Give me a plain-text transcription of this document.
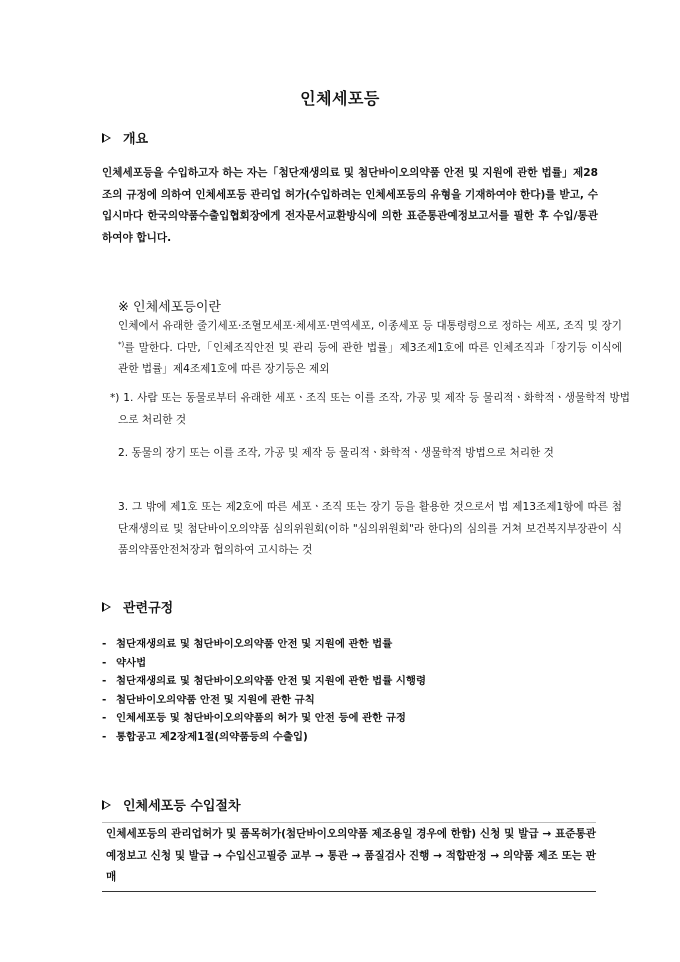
인체세포등
개요
인체세포등을 수입하고자 하는 자는「첨단재생의료 및 첨단바이오의약품 안전 및 지원에 관한 법률」제28조의 규정에 의하여 인체세포등 관리업 허가(수입하려는 인체세포등의 유형을 기재하여야 한다)를 받고, 수입시마다 한국의약품수출입협회장에게 전자문서교환방식에 의한 표준통관예정보고서를 필한 후 수입/통관하여야 합니다.
※ 인체세포등이란
인체에서 유래한 줄기세포·조혈모세포·체세포·면역세포, 이종세포 등 대통령령으로 정하는 세포, 조직 및 장기*)를 말한다. 다만,「인체조직안전 및 관리 등에 관한 법률」제3조제1호에 따른 인체조직과「장기등 이식에 관한 법률」제4조제1호에 따른 장기등은 제외
*) 1. 사람 또는 동물로부터 유래한 세포ㆍ조직 또는 이를 조작, 가공 및 제작 등 물리적ㆍ화학적ㆍ생물학적 방법으로 처리한 것
2. 동물의 장기 또는 이를 조작, 가공 및 제작 등 물리적ㆍ화학적ㆍ생물학적 방법으로 처리한 것
3. 그 밖에 제1호 또는 제2호에 따른 세포ㆍ조직 또는 장기 등을 활용한 것으로서 법 제13조제1항에 따른 첨단재생의료 및 첨단바이오의약품 심의위원회(이하 "심의위원회"라 한다)의 심의를 거쳐 보건복지부장관이 식품의약품안전처장과 협의하여 고시하는 것
관련규정
- 첨단재생의료 및 첨단바이오의약품 안전 및 지원에 관한 법률
- 약사법
- 첨단재생의료 및 첨단바이오의약품 안전 및 지원에 관한 법률 시행령
- 첨단바이오의약품 안전 및 지원에 관한 규칙
- 인체세포등 및 첨단바이오의약품의 허가 및 안전 등에 관한 규정
- 통합공고 제2장제1절(의약품등의 수출입)
인체세포등 수입절차
인체세포등의 관리업허가 및 품목허가(첨단바이오의약품 제조용일 경우에 한함) 신청 및 발급 → 표준통관예정보고 신청 및 발급 → 수입신고필증 교부 → 통관 → 품질검사 진행 → 적합판정 → 의약품 제조 또는 판매
